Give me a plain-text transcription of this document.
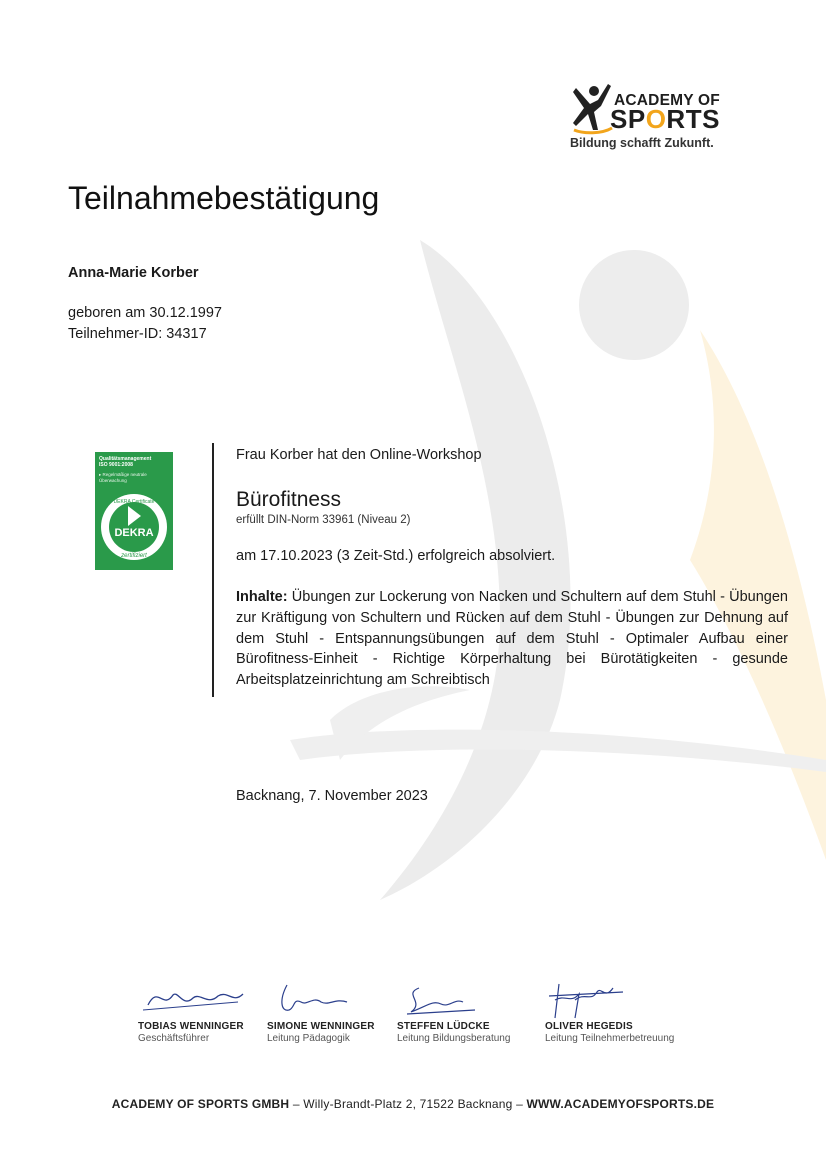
ACADEMY OF
SPORTS
Bildung schafft Zukunft.
Teilnahmebestätigung
Anna-Marie Korber
geboren am 30.12.1997
Teilnehmer-ID: 34317
Qualitätsmanagement
ISO 9001:2008
▸ Regelmäßige neutrale
Überwachung
DEKRA Certificate
DEKRA
zertifiziert
Frau Korber hat den Online-Workshop
Bürofitness
erfüllt DIN-Norm 33961 (Niveau 2)
am 17.10.2023 (3 Zeit-Std.) erfolgreich absolviert.

Inhalte: Übungen zur Lockerung von Nacken und Schultern auf dem Stuhl - Übungen zur Kräftigung von Schultern und Rücken auf dem Stuhl - Übungen zur Dehnung auf dem Stuhl - Entspannungsübungen auf dem Stuhl - Optimaler Aufbau einer Bürofitness-Einheit - Richtige Körperhaltung bei Bürotätigkeiten - gesunde Arbeitsplatzeinrichtung am Schreibtisch

Backnang, 7. November 2023
TOBIAS WENNINGER
Geschäftsführer
SIMONE WENNINGER
Leitung Pädagogik
STEFFEN LÜDCKE
Leitung Bildungsberatung
OLIVER HEGEDIS
Leitung Teilnehmerbetreuung
ACADEMY OF SPORTS GMBH – Willy-Brandt-Platz 2, 71522 Backnang – WWW.ACADEMYOFSPORTS.DE
